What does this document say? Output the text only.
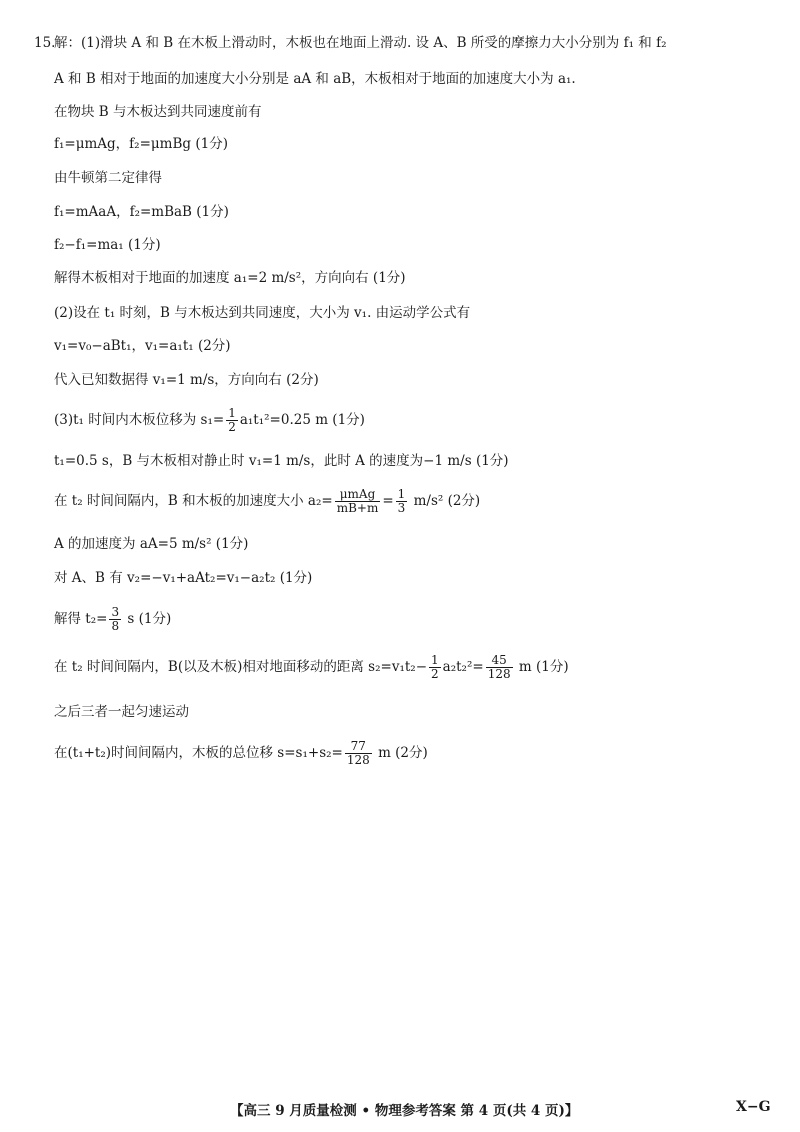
15.
解：(1)滑块 A 和 B 在木板上滑动时，木板也在地面上滑动. 设 A、B 所受的摩擦力大小分别为 f₁ 和 f₂
A 和 B 相对于地面的加速度大小分别是 aA 和 aB，木板相对于地面的加速度大小为 a₁.
在物块 B 与木板达到共同速度前有
f₁=μmAg，f₂=μmBg (1分)
由牛顿第二定律得
f₁=mAaA，f₂=mBaB (1分)
f₂−f₁=ma₁ (1分)
解得木板相对于地面的加速度 a₁=2 m/s²，方向向右 (1分)
(2)设在 t₁ 时刻，B 与木板达到共同速度，大小为 v₁. 由运动学公式有
v₁=v₀−aBt₁，v₁=a₁t₁ (2分)
代入已知数据得 v₁=1 m/s，方向向右 (2分)
(3)t₁ 时间内木板位移为 $s_1= \frac{1}{2} a_1t_1^2=0.25$ m (1分)
t₁=0.5 s，B 与木板相对静止时 v₁=1 m/s，此时 A 的速度为−1 m/s (1分)
在 t₂ 时间间隔内，B 和木板的加速度大小 $a_2= \frac{\text{μmAg}}{mB+m} = \frac{1}{3} m/s^2$ (2分)
A 的加速度为 aA=5 m/s² (1分)
对 A、B 有 v₂=−v₁+aAt₂=v₁−a₂t₂ (1分)
解得 $t_2= \frac{3}{8}$ s (1分)
在 t₂ 时间间隔内，B(以及木板)相对地面移动的距离 $s_2=v_1t_2- \frac{1}{2} a_2t_2^2= \frac{45}{128}$ m (1分)
之后三者一起匀速运动
在(t₁+t₂)时间间隔内，木板的总位移 $s=s_1+s_2= \frac{77}{128}$ m (2分)
【高三 9 月质量检测 • 物理参考答案 第 4 页(共 4 页)】	X−G
